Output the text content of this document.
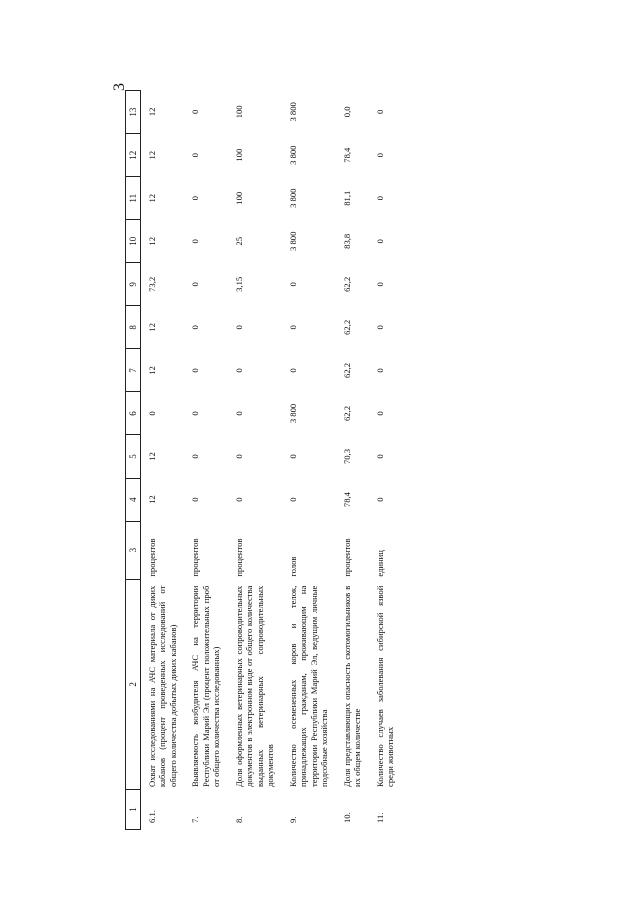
3
1	2	3	4	5	6	7	8	9	10	11	12	13
6.1.	Охват исследованиями на АЧС материала от диких кабанов (процент проведенных исследований от общего количества добытых диких кабанов)	процентов	12	12	0	12	12	73,2	12	12	12	12
7.	Выявляемость возбудителя АЧС на территории Республики Марий Эл (процент положительных проб от общего количества исследованных)	процентов	0	0	0	0	0	0	0	0	0	0
8.	Доля оформленных ветеринарных сопроводительных документов в электронном виде от общего количества выданных ветеринарных сопроводительных документов	процентов	0	0	0	0	0	3,15	25	100	100	100
9.	Количество осемененных коров и телок, принадлежащих гражданам, проживающим на территории Республики Марий Эл, ведущим личные подсобные хозяйства	голов	0	0	3 800	0	0	0	3 800	3 800	3 800	3 800
10.	Доля представляющих опасность скотомогильников в их общем количестве	процентов	78,4	70,3	62,2	62,2	62,2	62,2	83,8	81,1	78,4	0,0
11.	Количество случаев заболевания сибирской язвой среди животных	единиц	0	0	0	0	0	0	0	0	0	0
